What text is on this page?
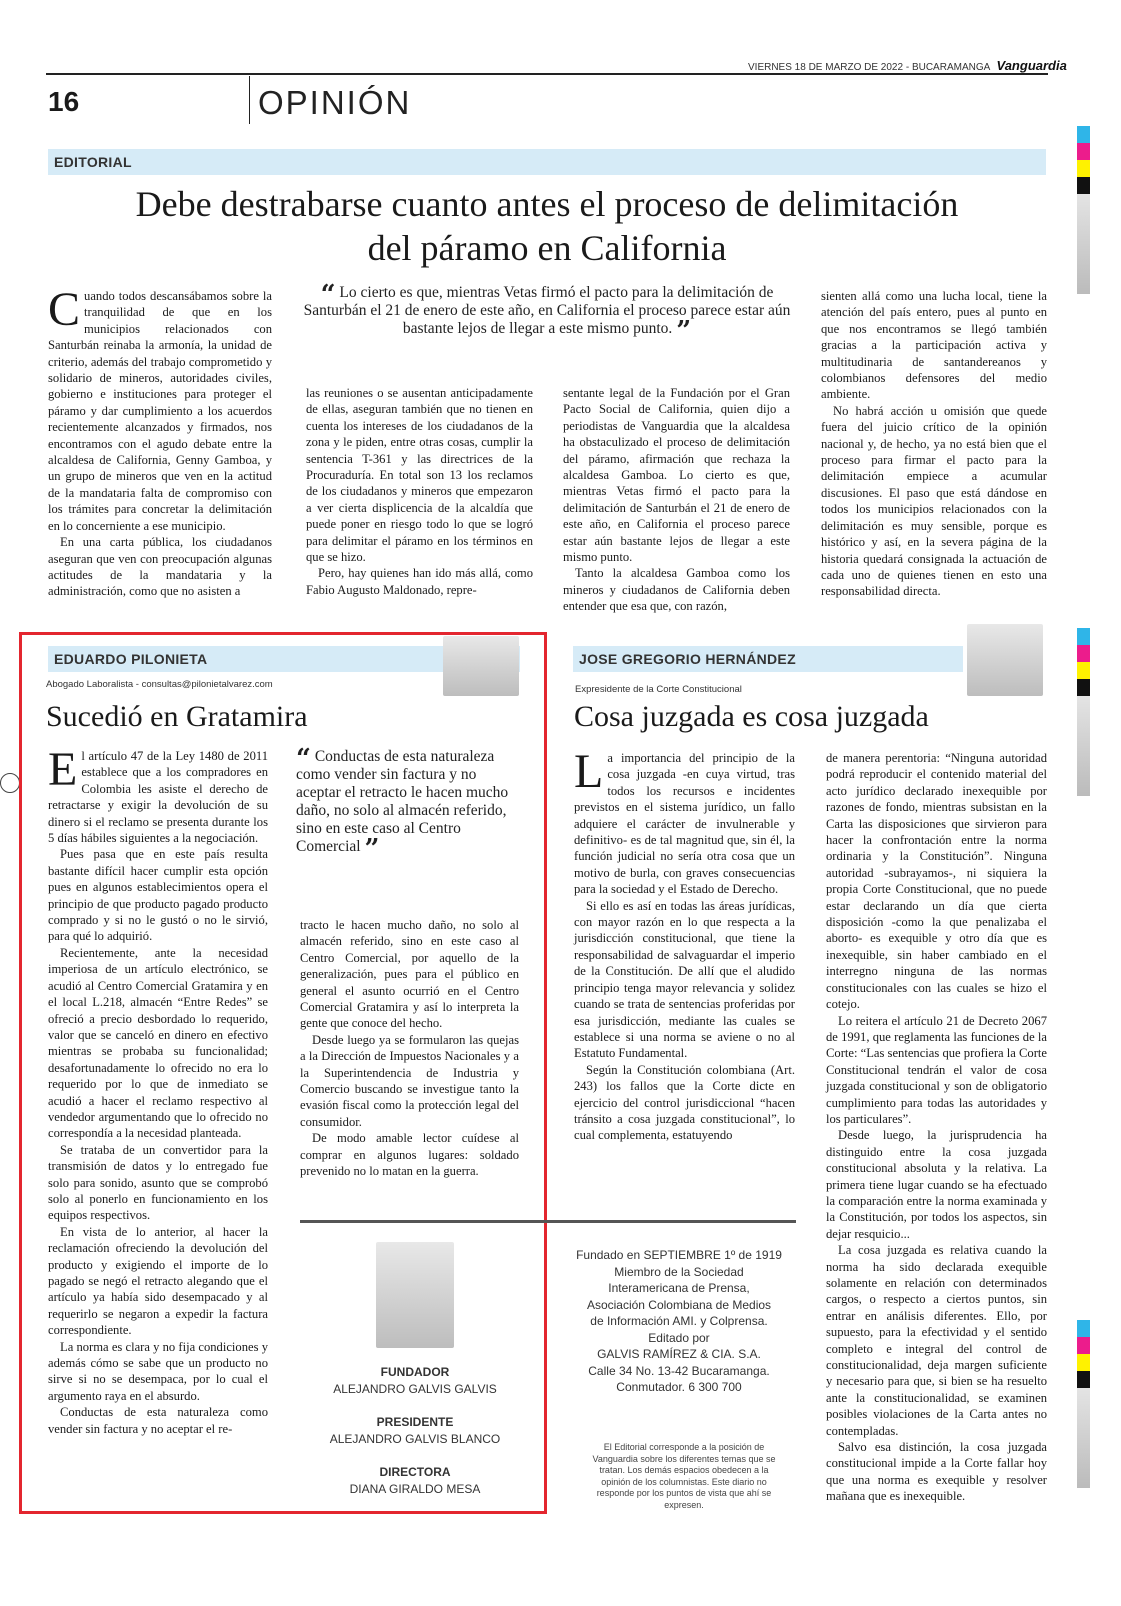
VIERNES 18 DE MARZO DE 2022 - BUCARAMANGA Vanguardia
16	OPINIÓN
EDITORIAL
Debe destrabarse cuanto antes el proceso de delimitación
del páramo en California
C uando todos descansábamos sobre la tranquilidad de que en los municipios relacionados con Santurbán reinaba la armonía, la unidad de criterio, además del trabajo comprometido y solidario de mineros, autoridades civiles, gobierno e instituciones para proteger el páramo y dar cumplimiento a los acuerdos recientemente alcanzados y firmados, nos encontramos con el agudo debate entre la alcaldesa de California, Genny Gamboa, y un grupo de mineros que ven en la actitud de la mandataria falta de compromiso con los trámites para concretar la delimitación en lo concerniente a ese municipio.

En una carta pública, los ciudadanos aseguran que ven con preocupación algunas actitudes de la mandataria y la administración, como que no asisten a

“ Lo cierto es que, mientras Vetas firmó el pacto para la delimitación de Santurbán el 21 de enero de este año, en California el proceso parece estar aún bastante lejos de llegar a este mismo punto. ”

las reuniones o se ausentan anticipadamente de ellas, aseguran también que no tienen en cuenta los intereses de los ciudadanos de la zona y le piden, entre otras cosas, cumplir la sentencia T-361 y las directrices de la Procuraduría. En total son 13 los reclamos de los ciudadanos y mineros que empezaron a ver cierta displicencia de la alcaldía que puede poner en riesgo todo lo que se logró para delimitar el páramo en los términos en que se hizo.

Pero, hay quienes han ido más allá, como Fabio Augusto Maldonado, repre-

sentante legal de la Fundación por el Gran Pacto Social de California, quien dijo a periodistas de Vanguardia que la alcaldesa ha obstaculizado el proceso de delimitación del páramo, afirmación que rechaza la alcaldesa Gamboa. Lo cierto es que, mientras Vetas firmó el pacto para la delimitación de Santurbán el 21 de enero de este año, en California el proceso parece estar aún bastante lejos de llegar a este mismo punto.

Tanto la alcaldesa Gamboa como los mineros y ciudadanos de California deben entender que esa que, con razón,

sienten allá como una lucha local, tiene la atención del país entero, pues al punto en que nos encontramos se llegó también gracias a la participación activa y multitudinaria de santandereanos y colombianos defensores del medio ambiente.

No habrá acción u omisión que quede fuera del juicio crítico de la opinión nacional y, de hecho, ya no está bien que el proceso para firmar el pacto para la delimitación empiece a acumular discusiones. El paso que está dándose en todos los municipios relacionados con la delimitación es muy sensible, porque es histórico y así, en la severa página de la historia quedará consignada la actuación de cada uno de quienes tienen en esto una responsabilidad directa.

EDUARDO PILONIETA
Abogado Laboralista - consultas@pilonietalvarez.com
Sucedió en Gratamira
E l artículo 47 de la Ley 1480 de 2011 establece que a los compradores en Colombia les asiste el derecho de retractarse y exigir la devolución de su dinero si el reclamo se presenta durante los 5 días hábiles siguientes a la negociación.

Pues pasa que en este país resulta bastante difícil hacer cumplir esta opción pues en algunos establecimientos opera el principio de que producto pagado producto comprado y si no le gustó o no le sirvió, para qué lo adquirió.

Recientemente, ante la necesidad imperiosa de un artículo electrónico, se acudió al Centro Comercial Gratamira y en el local L.218, almacén “Entre Redes” se ofreció a precio desbordado lo requerido, valor que se canceló en dinero en efectivo mientras se probaba su funcionalidad; desafortunadamente lo ofrecido no era lo requerido por lo que de inmediato se acudió a hacer el reclamo respectivo al vendedor argumentando que lo ofrecido no correspondía a la necesidad planteada.

Se trataba de un convertidor para la transmisión de datos y lo entregado fue solo para sonido, asunto que se comprobó solo al ponerlo en funcionamiento en los equipos respectivos.

En vista de lo anterior, al hacer la reclamación ofreciendo la devolución del producto y exigiendo el importe de lo pagado se negó el retracto alegando que el artículo ya había sido desempacado y al requerirlo se negaron a expedir la factura correspondiente.

La norma es clara y no fija condiciones y además cómo se sabe que un producto no sirve si no se desempaca, por lo cual el argumento raya en el absurdo.

Conductas de esta naturaleza como vender sin factura y no aceptar el re-

“ Conductas de esta naturaleza como vender sin factura y no aceptar el retracto le hacen mucho daño, no solo al almacén referido, sino en este caso al Centro Comercial ”

tracto le hacen mucho daño, no solo al almacén referido, sino en este caso al Centro Comercial, por aquello de la generalización, pues para el público en general el asunto ocurrió en el Centro Comercial Gratamira y así lo interpreta la gente que conoce del hecho.

Desde luego ya se formularon las quejas a la Dirección de Impuestos Nacionales y a la Superintendencia de Industria y Comercio buscando se investigue tanto la evasión fiscal como la protección legal del consumidor.

De modo amable lector cuídese al comprar en algunos lugares: soldado prevenido no lo matan en la guerra.

JOSE GREGORIO HERNÁNDEZ
Expresidente de la Corte Constitucional
Cosa juzgada es cosa juzgada
L a importancia del principio de la cosa juzgada -en cuya virtud, tras todos los recursos e incidentes previstos en el sistema jurídico, un fallo adquiere el carácter de invulnerable y definitivo- es de tal magnitud que, sin él, la función judicial no sería otra cosa que un motivo de burla, con graves consecuencias para la sociedad y el Estado de Derecho.

Si ello es así en todas las áreas jurídicas, con mayor razón en lo que respecta a la jurisdicción constitucional, que tiene la responsabilidad de salvaguardar el imperio de la Constitución. De allí que el aludido principio tenga mayor relevancia y solidez cuando se trata de sentencias proferidas por esa jurisdicción, mediante las cuales se establece si una norma se aviene o no al Estatuto Fundamental.

Según la Constitución colombiana (Art. 243) los fallos que la Corte dicte en ejercicio del control jurisdiccional “hacen tránsito a cosa juzgada constitucional”, lo cual complementa, estatuyendo

de manera perentoria: “Ninguna autoridad podrá reproducir el contenido material del acto jurídico declarado inexequible por razones de fondo, mientras subsistan en la Carta las disposiciones que sirvieron para hacer la confrontación entre la norma ordinaria y la Constitución”. Ninguna autoridad -subrayamos-, ni siquiera la propia Corte Constitucional, que no puede estar declarando un día que cierta disposición -como la que penalizaba el aborto- es exequible y otro día que es inexequible, sin haber cambiado en el interregno ninguna de las normas constitucionales con las cuales se hizo el cotejo.

Lo reitera el artículo 21 de Decreto 2067 de 1991, que reglamenta las funciones de la Corte: “Las sentencias que profiera la Corte Constitucional tendrán el valor de cosa juzgada constitucional y son de obligatorio cumplimiento para todas las autoridades y los particulares”.

Desde luego, la jurisprudencia ha distinguido entre la cosa juzgada constitucional absoluta y la relativa. La primera tiene lugar cuando se ha efectuado la comparación entre la norma examinada y la Constitución, por todos los aspectos, sin dejar resquicio...

La cosa juzgada es relativa cuando la norma ha sido declarada exequible solamente en relación con determinados cargos, o respecto a ciertos puntos, sin entrar en análisis diferentes. Ello, por supuesto, para la efectividad y el sentido completo e integral del control de constitucionalidad, deja margen suficiente y necesario para que, si bien se ha resuelto ante la constitucionalidad, se examinen posibles violaciones de la Carta antes no contempladas.

Salvo esa distinción, la cosa juzgada constitucional impide a la Corte fallar hoy que una norma es exequible y resolver mañana que es inexequible.

FUNDADOR
ALEJANDRO GALVIS GALVIS
PRESIDENTE
ALEJANDRO GALVIS BLANCO
DIRECTORA
DIANA GIRALDO MESA
Fundado en SEPTIEMBRE 1º de 1919
Miembro de la Sociedad
Interamericana de Prensa,
Asociación Colombiana de Medios
de Información AMI. y Colprensa.
Editado por
GALVIS RAMÍREZ & CIA. S.A.
Calle 34 No. 13-42 Bucaramanga.
Conmutador. 6 300 700
El Editorial corresponde a la posición de Vanguardia sobre los diferentes temas que se tratan. Los demás espacios obedecen a la opinión de los columnistas. Este diario no responde por los puntos de vista que ahí se expresen.
